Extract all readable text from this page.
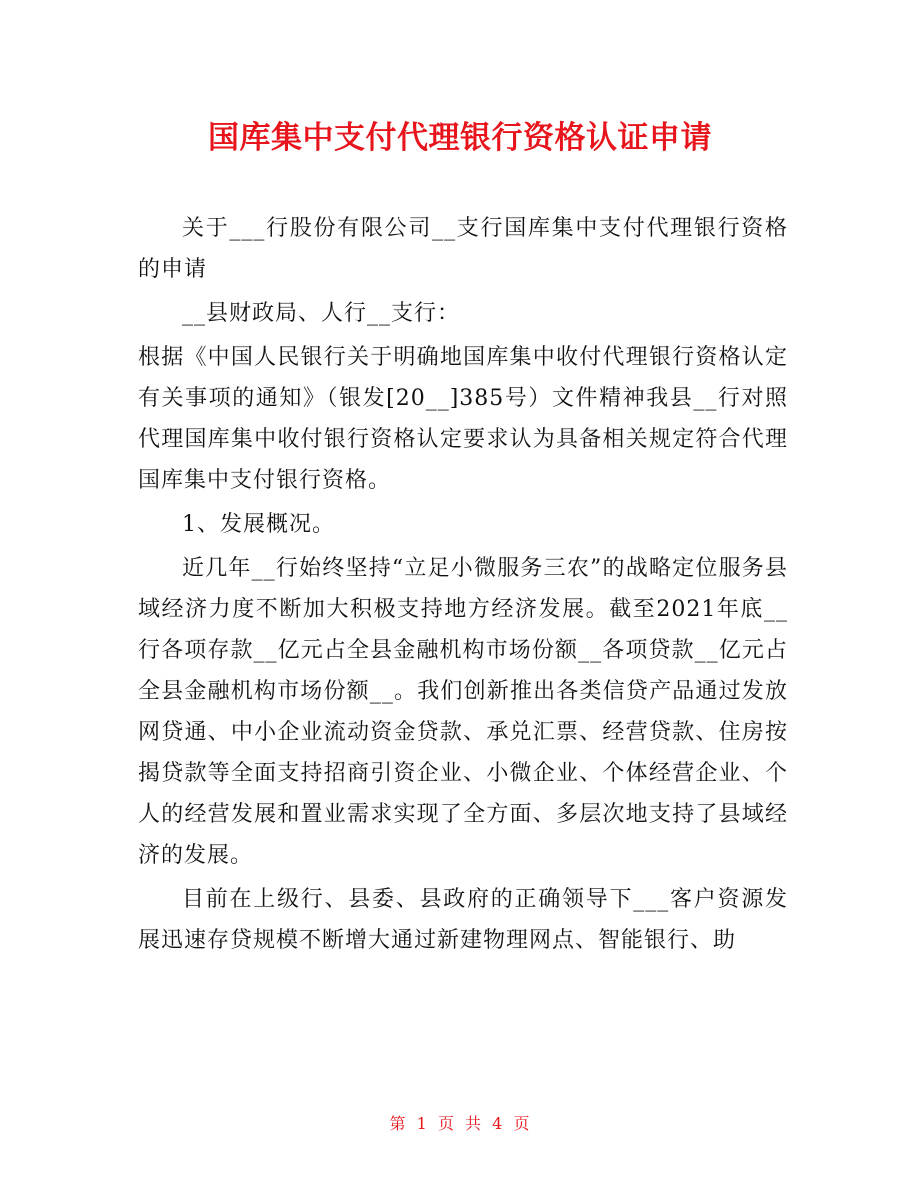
国库集中支付代理银行资格认证申请

关于___行股份有限公司__支行国库集中支付代理银行资格的申请

__县财政局、人行__支行：

根据《中国人民银行关于明确地国库集中收付代理银行资格认定有关事项的通知》（银发[20__]385号）文件精神我县__行对照代理国库集中收付银行资格认定要求认为具备相关规定符合代理国库集中支付银行资格。

1、发展概况。

近几年__行始终坚持“立足小微服务三农”的战略定位服务县域经济力度不断加大积极支持地方经济发展。截至2021年底__行各项存款__亿元占全县金融机构市场份额__各项贷款__亿元占全县金融机构市场份额__。我们创新推出各类信贷产品通过发放网贷通、中小企业流动资金贷款、承兑汇票、经营贷款、住房按揭贷款等全面支持招商引资企业、小微企业、个体经营企业、个人的经营发展和置业需求实现了全方面、多层次地支持了县域经济的发展。

目前在上级行、县委、县政府的正确领导下___客户资源发展迅速存贷规模不断增大通过新建物理网点、智能银行、助

第 1 页 共 4 页
